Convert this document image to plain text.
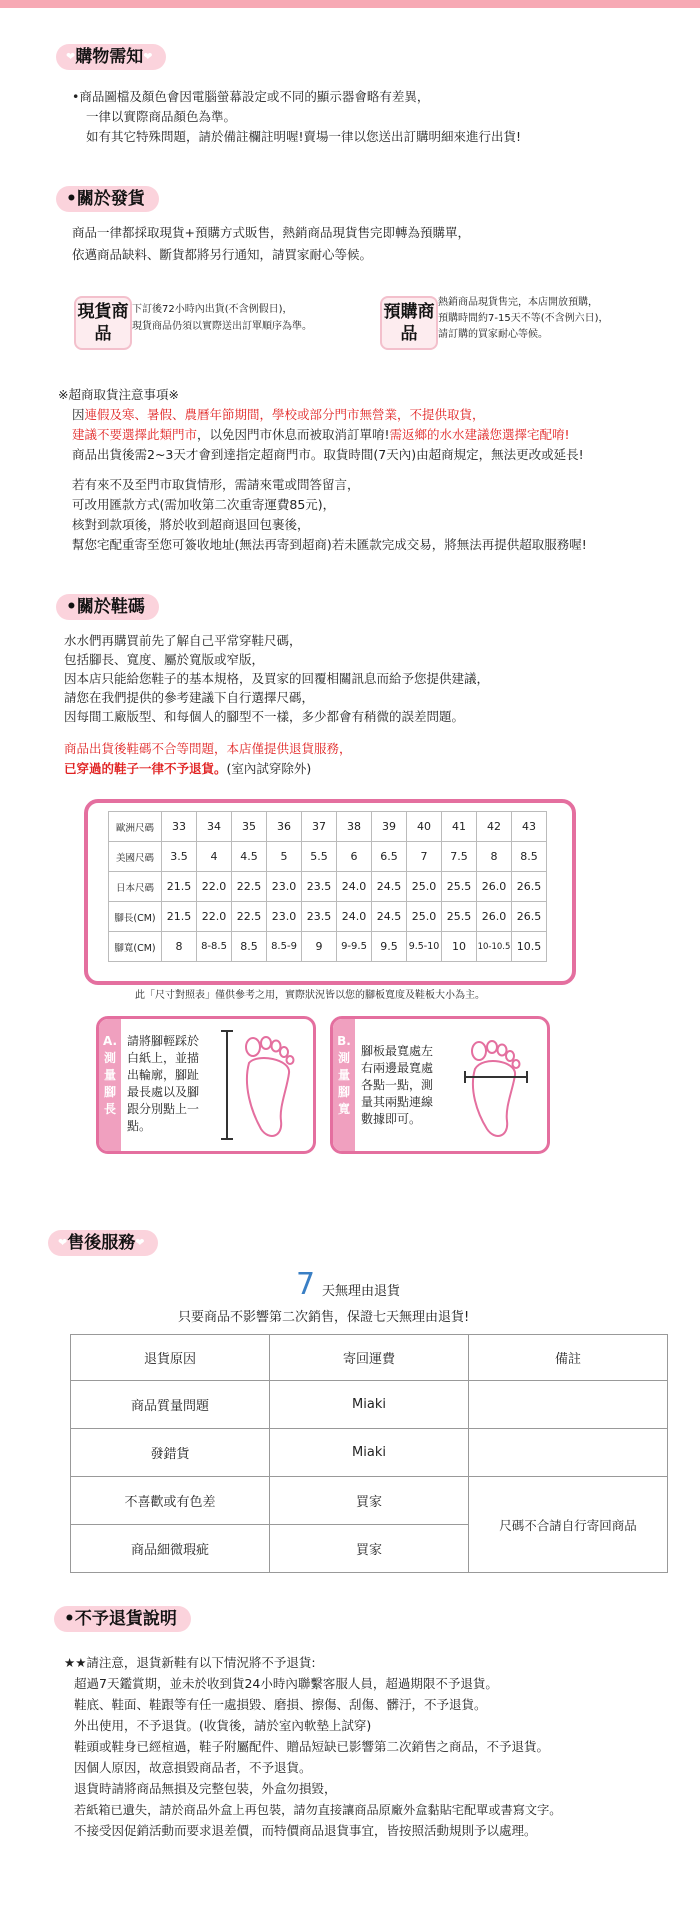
❤購物需知❤
•商品圖檔及顏色會因電腦螢幕設定或不同的顯示器會略有差異，
一律以實際商品顏色為準。
如有其它特殊問題，請於備註欄註明喔!賣場一律以您送出訂購明細來進行出貨!
•關於發貨
商品一律都採取現貨+預購方式販售，熱銷商品現貨售完即轉為預購單，
依邁商品缺料、斷貨都將另行通知，請買家耐心等候。
現貨商品
下訂後72小時內出貨(不含例假日)，
現貨商品仍須以實際送出訂單順序為準。
預購商品
熱銷商品現貨售完，本店開放預購，
預購時間約7-15天不等(不含例六日)，
請訂購的買家耐心等候。
※超商取貨注意事項※
因連假及寒、暑假、農曆年節期間，學校或部分門市無營業，不提供取貨，
建議不要選擇此類門市，以免因門市休息而被取消訂單唷!需返鄉的水水建議您選擇宅配唷!
商品出貨後需2~3天才會到達指定超商門市。取貨時間(7天內)由超商規定，無法更改或延長!
若有來不及至門市取貨情形，需請來電或問答留言，
可改用匯款方式(需加收第二次重寄運費85元)，
核對到款項後，將於收到超商退回包裹後，
幫您宅配重寄至您可簽收地址(無法再寄到超商)若未匯款完成交易，將無法再提供超取服務喔!
•關於鞋碼
水水們再購買前先了解自己平常穿鞋尺碼，
包括腳長、寬度、屬於寬版或窄版，
因本店只能給您鞋子的基本規格，及買家的回覆相關訊息而給予您提供建議，
請您在我們提供的參考建議下自行選擇尺碼，
因每間工廠版型、和每個人的腳型不一樣，多少都會有稍微的誤差問題。
商品出貨後鞋碼不合等問題，本店僅提供退貨服務，
已穿過的鞋子一律不予退貨。(室內試穿除外)
歐洲尺碼	33	34	35	36	37	38	39	40	41	42	43
美國尺碼	3.5	4	4.5	5	5.5	6	6.5	7	7.5	8	8.5
日本尺碼	21.5	22.0	22.5	23.0	23.5	24.0	24.5	25.0	25.5	26.0	26.5
腳長(CM)	21.5	22.0	22.5	23.0	23.5	24.0	24.5	25.0	25.5	26.0	26.5
腳寬(CM)	8	8-8.5	8.5	8.5-9	9	9-9.5	9.5	9.5-10	10	10-10.5	10.5
此「尺寸對照表」僅供參考之用，實際狀況皆以您的腳板寬度及鞋板大小為主。
A.測量腳長
請將腳輕踩於
白紙上，並描
出輪廓，腳趾
最長處以及腳
跟分別點上一
點。
B.測量腳寬
腳板最寬處左
右兩邊最寬處
各點一點，測
量其兩點連線
數據即可。
❤售後服務❤
7 天無理由退貨
只要商品不影響第二次銷售，保證七天無理由退貨!
退貨原因	寄回運費	備註
商品質量問題	Miaki	
發錯貨	Miaki	
不喜歡或有色差	買家	尺碼不合請自行寄回商品
商品細微瑕疵	買家	
•不予退貨說明
★★請注意，退貨新鞋有以下情況將不予退貨:
超過7天鑑賞期，並未於收到貨24小時內聯繫客服人員，超過期限不予退貨。
鞋底、鞋面、鞋跟等有任一處損毀、磨損、擦傷、刮傷、髒汙，不予退貨。
外出使用，不予退貨。(收貨後，請於室內軟墊上試穿)
鞋頭或鞋身已經楦過，鞋子附屬配件、贈品短缺已影響第二次銷售之商品，不予退貨。
因個人原因，故意損毀商品者，不予退貨。
退貨時請將商品無損及完整包裝，外盒勿損毀，
若紙箱已遺失，請於商品外盒上再包裝，請勿直接讓商品原廠外盒黏貼宅配單或書寫文字。
不接受因促銷活動而要求退差價，而特價商品退貨事宜，皆按照活動規則予以處理。
